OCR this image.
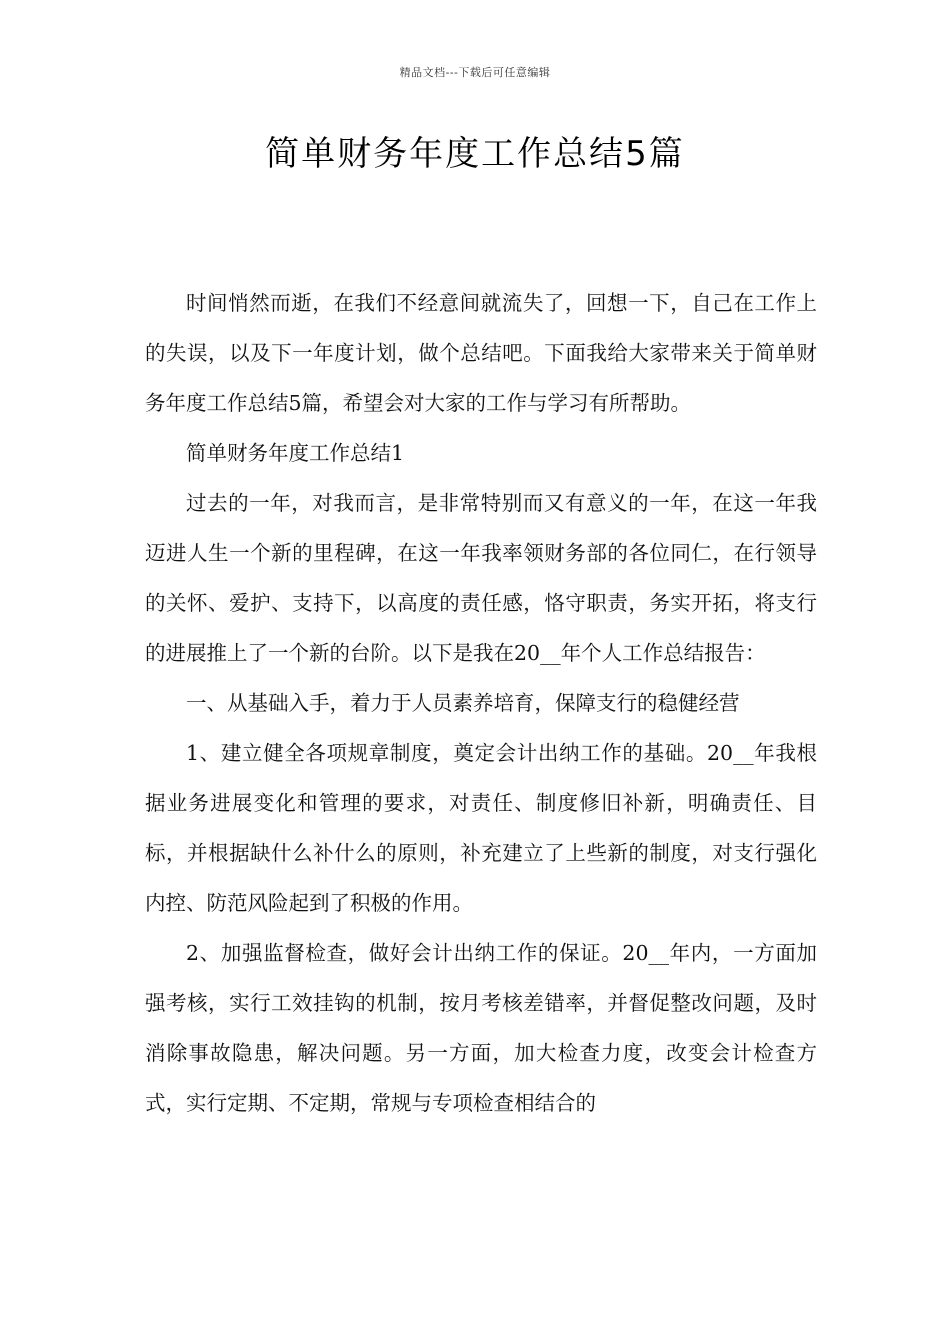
精品文档---下载后可任意编辑
简单财务年度工作总结5篇

时间悄然而逝，在我们不经意间就流失了，回想一下，自己在工作上的失误，以及下一年度计划，做个总结吧。下面我给大家带来关于简单财务年度工作总结5篇，希望会对大家的工作与学习有所帮助。

简单财务年度工作总结1

过去的一年，对我而言，是非常特别而又有意义的一年，在这一年我迈进人生一个新的里程碑，在这一年我率领财务部的各位同仁，在行领导的关怀、爱护、支持下，以高度的责任感，恪守职责，务实开拓，将支行的进展推上了一个新的台阶。以下是我在20__年个人工作总结报告：

一、从基础入手，着力于人员素养培育，保障支行的稳健经营

1、建立健全各项规章制度，奠定会计出纳工作的基础。20__年我根据业务进展变化和管理的要求，对责任、制度修旧补新，明确责任、目标，并根据缺什么补什么的原则，补充建立了上些新的制度，对支行强化内控、防范风险起到了积极的作用。

2、加强监督检查，做好会计出纳工作的保证。20__年内，一方面加强考核，实行工效挂钩的机制，按月考核差错率，并督促整改问题，及时消除事故隐患，解决问题。另一方面，加大检查力度，改变会计检查方式，实行定期、不定期，常规与专项检查相结合的
